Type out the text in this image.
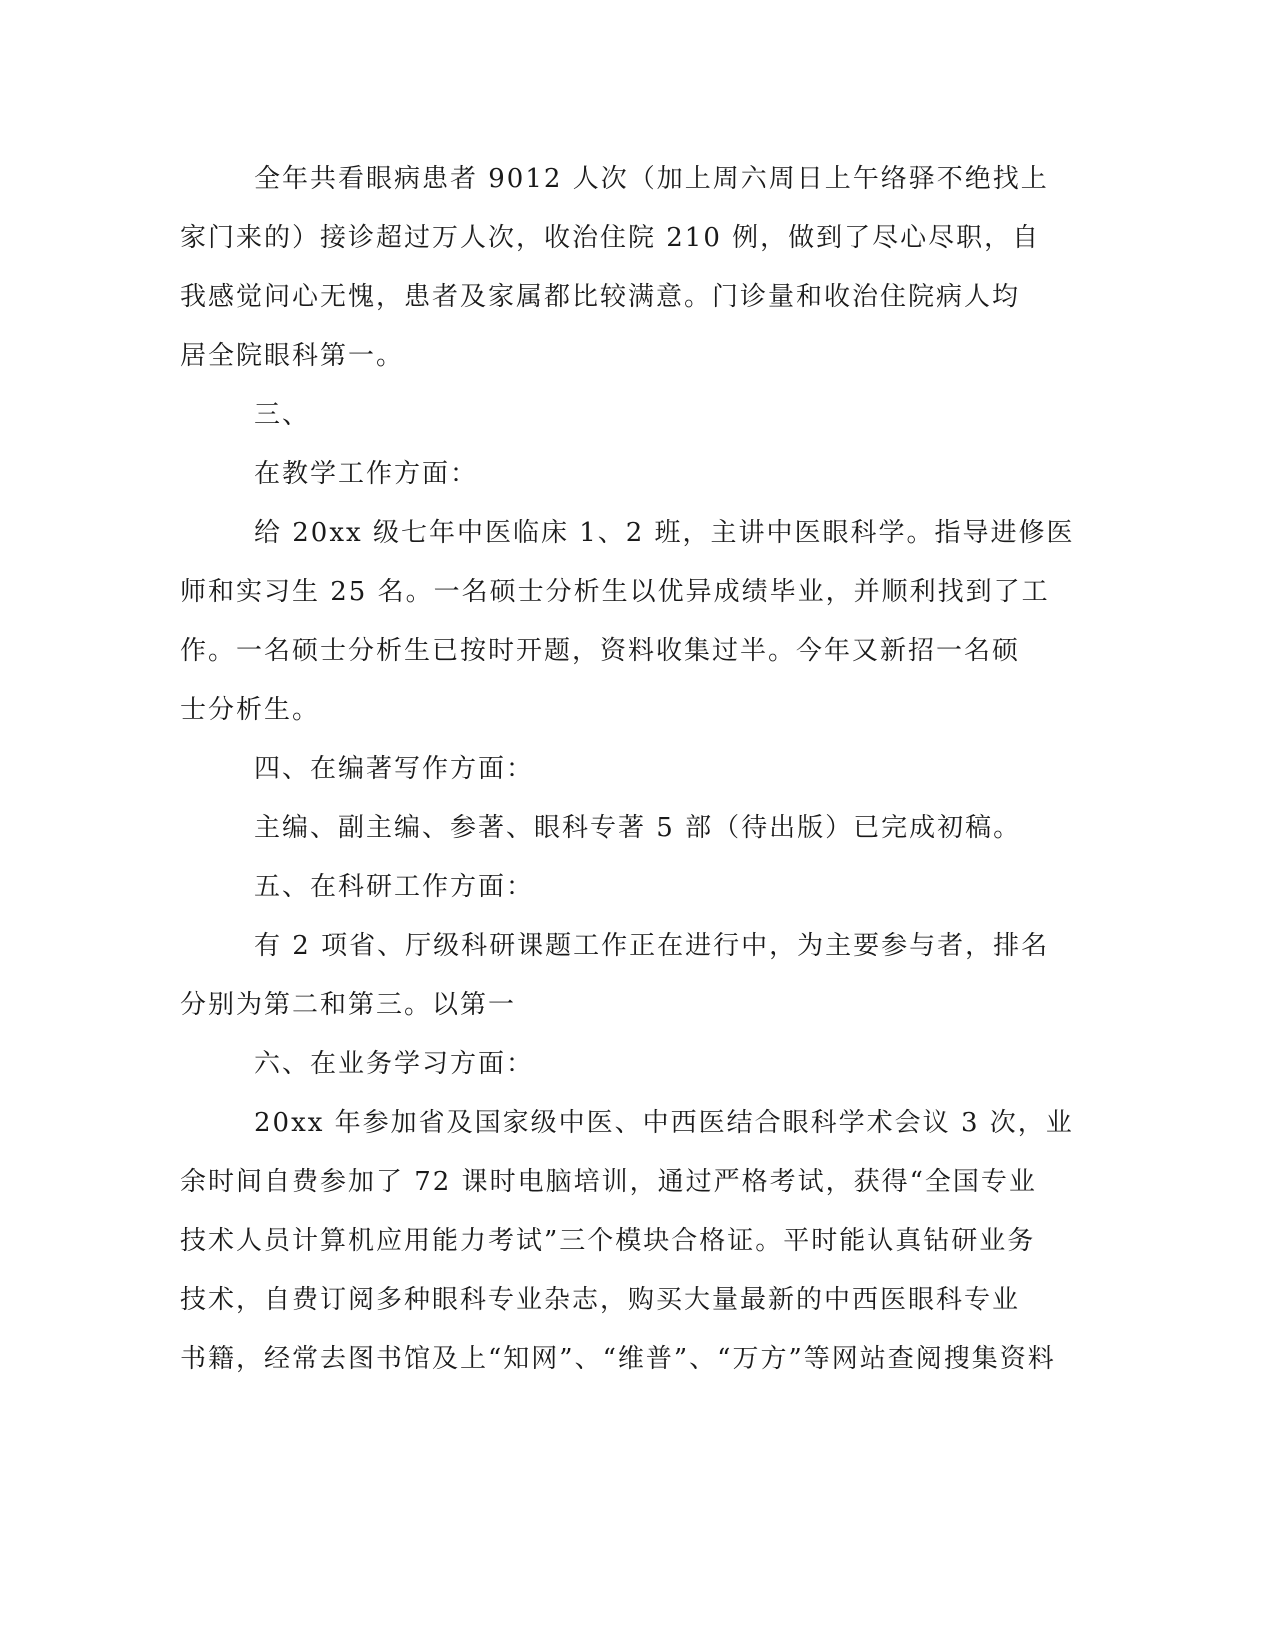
全年共看眼病患者 9012 人次（加上周六周日上午络驿不绝找上
家门来的）接诊超过万人次，收治住院 210 例，做到了尽心尽职，自
我感觉问心无愧，患者及家属都比较满意。门诊量和收治住院病人均
居全院眼科第一。

三、

在教学工作方面：

给 20xx 级七年中医临床 1、2 班，主讲中医眼科学。指导进修医
师和实习生 25 名。一名硕士分析生以优异成绩毕业，并顺利找到了工
作。一名硕士分析生已按时开题，资料收集过半。今年又新招一名硕
士分析生。

四、在编著写作方面：

主编、副主编、参著、眼科专著 5 部（待出版）已完成初稿。

五、在科研工作方面：

有 2 项省、厅级科研课题工作正在进行中，为主要参与者，排名
分别为第二和第三。以第一

六、在业务学习方面：

20xx 年参加省及国家级中医、中西医结合眼科学术会议 3 次，业
余时间自费参加了 72 课时电脑培训，通过严格考试，获得“全国专业
技术人员计算机应用能力考试”三个模块合格证。平时能认真钻研业务
技术，自费订阅多种眼科专业杂志，购买大量最新的中西医眼科专业
书籍，经常去图书馆及上“知网”、“维普”、“万方”等网站查阅搜集资料
